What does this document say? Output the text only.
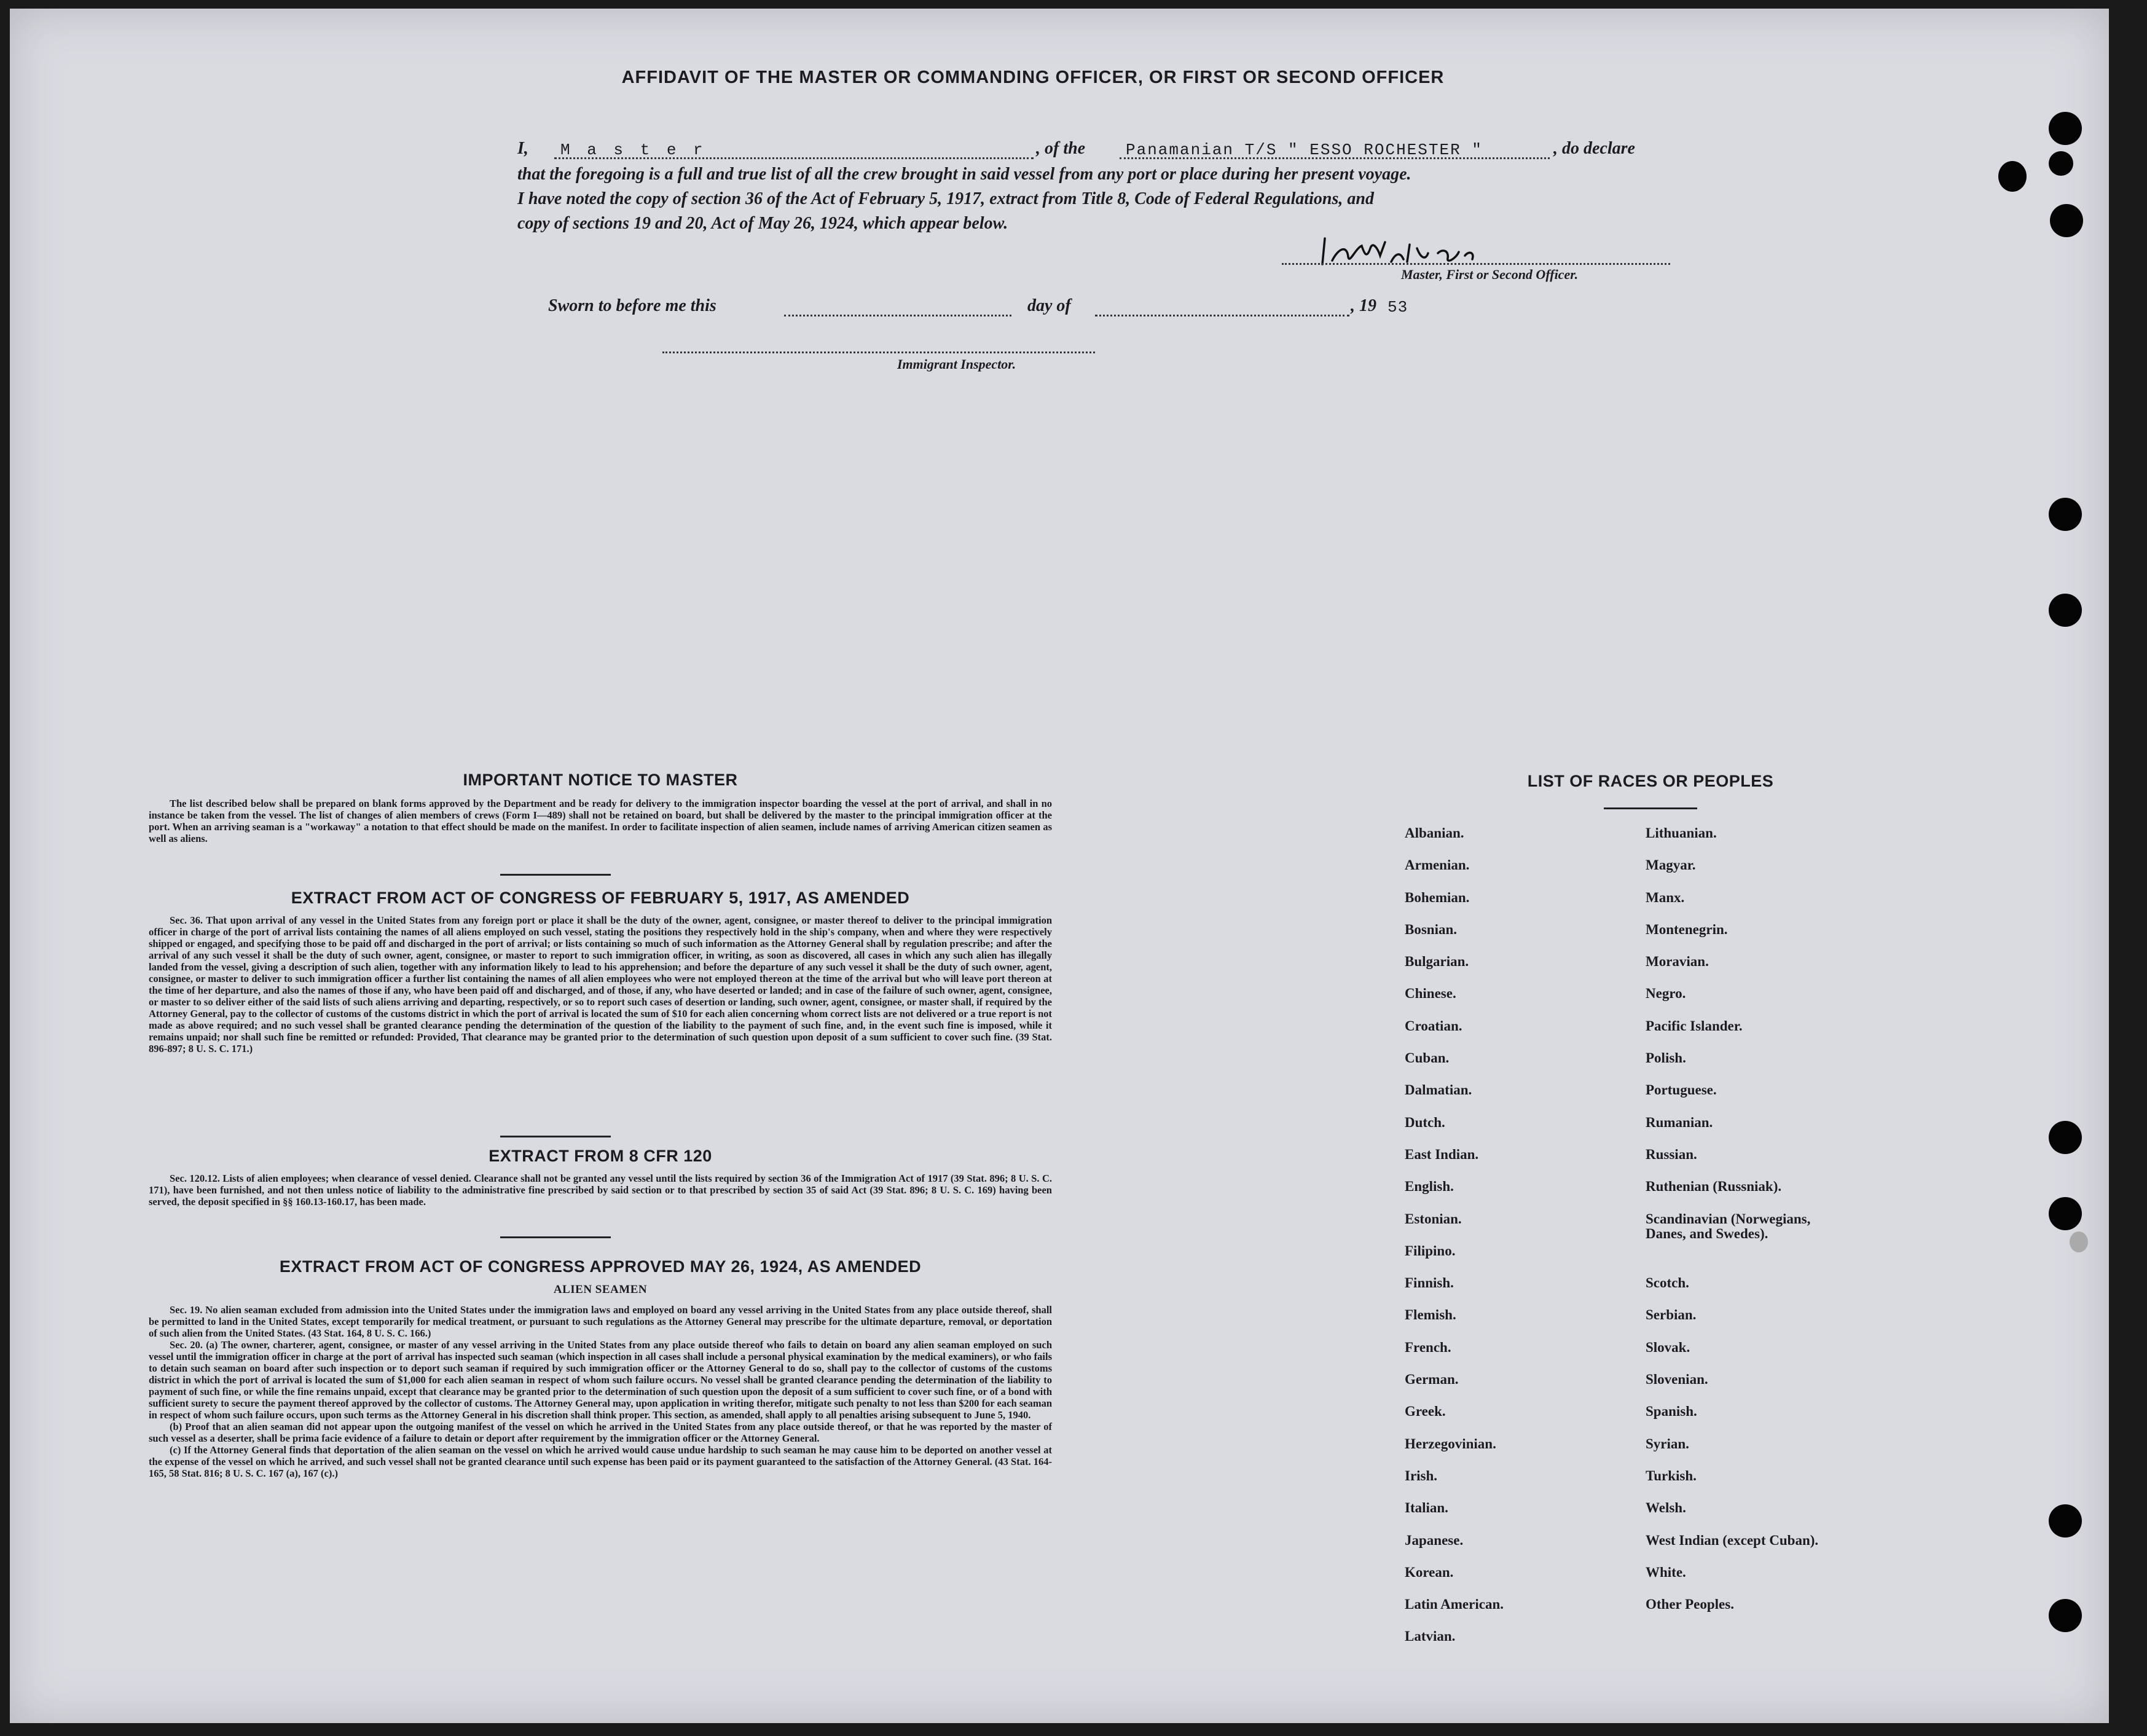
AFFIDAVIT OF THE MASTER OR COMMANDING OFFICER, OR FIRST OR SECOND OFFICER
I, M a s t e r	, of the	Panamanian T/S " ESSO ROCHESTER "	, do declare
that the foregoing is a full and true list of all the crew brought in said vessel from any port or place during her present voyage.
I have noted the copy of section 36 of the Act of February 5, 1917, extract from Title 8, Code of Federal Regulations, and
copy of sections 19 and 20, Act of May 26, 1924, which appear below.
Master, First or Second Officer.
Sworn to before me this	day of	, 19 53
Immigrant Inspector.
IMPORTANT NOTICE TO MASTER

The list described below shall be prepared on blank forms approved by the Department and be ready for delivery to the immigration inspector boarding the vessel at the port of arrival, and shall in no instance be taken from the vessel. The list of changes of alien members of crews (Form I—489) shall not be retained on board, but shall be delivered by the master to the principal immigration officer at the port. When an arriving seaman is a "workaway" a notation to that effect should be made on the manifest. In order to facilitate inspection of alien seamen, include names of arriving American citizen seamen as well as aliens.

EXTRACT FROM ACT OF CONGRESS OF FEBRUARY 5, 1917, AS AMENDED

Sec. 36. That upon arrival of any vessel in the United States from any foreign port or place it shall be the duty of the owner, agent, consignee, or master thereof to deliver to the principal immigration officer in charge of the port of arrival lists containing the names of all aliens employed on such vessel, stating the positions they respectively hold in the ship's company, when and where they were respectively shipped or engaged, and specifying those to be paid off and discharged in the port of arrival; or lists containing so much of such information as the Attorney General shall by regulation prescribe; and after the arrival of any such vessel it shall be the duty of such owner, agent, consignee, or master to report to such immigration officer, in writing, as soon as discovered, all cases in which any such alien has illegally landed from the vessel, giving a description of such alien, together with any information likely to lead to his apprehension; and before the departure of any such vessel it shall be the duty of such owner, agent, consignee, or master to deliver to such immigration officer a further list containing the names of all alien employees who were not employed thereon at the time of the arrival but who will leave port thereon at the time of her departure, and also the names of those if any, who have been paid off and discharged, and of those, if any, who have deserted or landed; and in case of the failure of such owner, agent, consignee, or master to so deliver either of the said lists of such aliens arriving and departing, respectively, or so to report such cases of desertion or landing, such owner, agent, consignee, or master shall, if required by the Attorney General, pay to the collector of customs of the customs district in which the port of arrival is located the sum of $10 for each alien concerning whom correct lists are not delivered or a true report is not made as above required; and no such vessel shall be granted clearance pending the determination of the question of the liability to the payment of such fine, and, in the event such fine is imposed, while it remains unpaid; nor shall such fine be remitted or refunded: Provided, That clearance may be granted prior to the determination of such question upon deposit of a sum sufficient to cover such fine. (39 Stat. 896-897; 8 U. S. C. 171.)

EXTRACT FROM 8 CFR 120

Sec. 120.12. Lists of alien employees; when clearance of vessel denied. Clearance shall not be granted any vessel until the lists required by section 36 of the Immigration Act of 1917 (39 Stat. 896; 8 U. S. C. 171), have been furnished, and not then unless notice of liability to the administrative fine prescribed by said section or to that prescribed by section 35 of said Act (39 Stat. 896; 8 U. S. C. 169) having been served, the deposit specified in §§ 160.13-160.17, has been made.

EXTRACT FROM ACT OF CONGRESS APPROVED MAY 26, 1924, AS AMENDED
ALIEN SEAMEN

Sec. 19. No alien seaman excluded from admission into the United States under the immigration laws and employed on board any vessel arriving in the United States from any place outside thereof, shall be permitted to land in the United States, except temporarily for medical treatment, or pursuant to such regulations as the Attorney General may prescribe for the ultimate departure, removal, or deportation of such alien from the United States. (43 Stat. 164, 8 U. S. C. 166.)

Sec. 20. (a) The owner, charterer, agent, consignee, or master of any vessel arriving in the United States from any place outside thereof who fails to detain on board any alien seaman employed on such vessel until the immigration officer in charge at the port of arrival has inspected such seaman (which inspection in all cases shall include a personal physical examination by the medical examiners), or who fails to detain such seaman on board after such inspection or to deport such seaman if required by such immigration officer or the Attorney General to do so, shall pay to the collector of customs of the customs district in which the port of arrival is located the sum of $1,000 for each alien seaman in respect of whom such failure occurs. No vessel shall be granted clearance pending the determination of the liability to payment of such fine, or while the fine remains unpaid, except that clearance may be granted prior to the determination of such question upon the deposit of a sum sufficient to cover such fine, or of a bond with sufficient surety to secure the payment thereof approved by the collector of customs. The Attorney General may, upon application in writing therefor, mitigate such penalty to not less than $200 for each seaman in respect of whom such failure occurs, upon such terms as the Attorney General in his discretion shall think proper. This section, as amended, shall apply to all penalties arising subsequent to June 5, 1940.

(b) Proof that an alien seaman did not appear upon the outgoing manifest of the vessel on which he arrived in the United States from any place outside thereof, or that he was reported by the master of such vessel as a deserter, shall be prima facie evidence of a failure to detain or deport after requirement by the immigration officer or the Attorney General.

(c) If the Attorney General finds that deportation of the alien seaman on the vessel on which he arrived would cause undue hardship to such seaman he may cause him to be deported on another vessel at the expense of the vessel on which he arrived, and such vessel shall not be granted clearance until such expense has been paid or its payment guaranteed to the satisfaction of the Attorney General. (43 Stat. 164-165, 58 Stat. 816; 8 U. S. C. 167 (a), 167 (c).)

LIST OF RACES OR PEOPLES
Albanian.
Armenian.
Bohemian.
Bosnian.
Bulgarian.
Chinese.
Croatian.
Cuban.
Dalmatian.
Dutch.
East Indian.
English.
Estonian.
Filipino.
Finnish.
Flemish.
French.
German.
Greek.
Herzegovinian.
Irish.
Italian.
Japanese.
Korean.
Latin American.
Latvian.
Lithuanian.
Magyar.
Manx.
Montenegrin.
Moravian.
Negro.
Pacific Islander.
Polish.
Portuguese.
Rumanian.
Russian.
Ruthenian (Russniak).
Scandinavian (Norwegians,
Danes, and Swedes).
Scotch.
Serbian.
Slovak.
Slovenian.
Spanish.
Syrian.
Turkish.
Welsh.
West Indian (except Cuban).
White.
Other Peoples.
